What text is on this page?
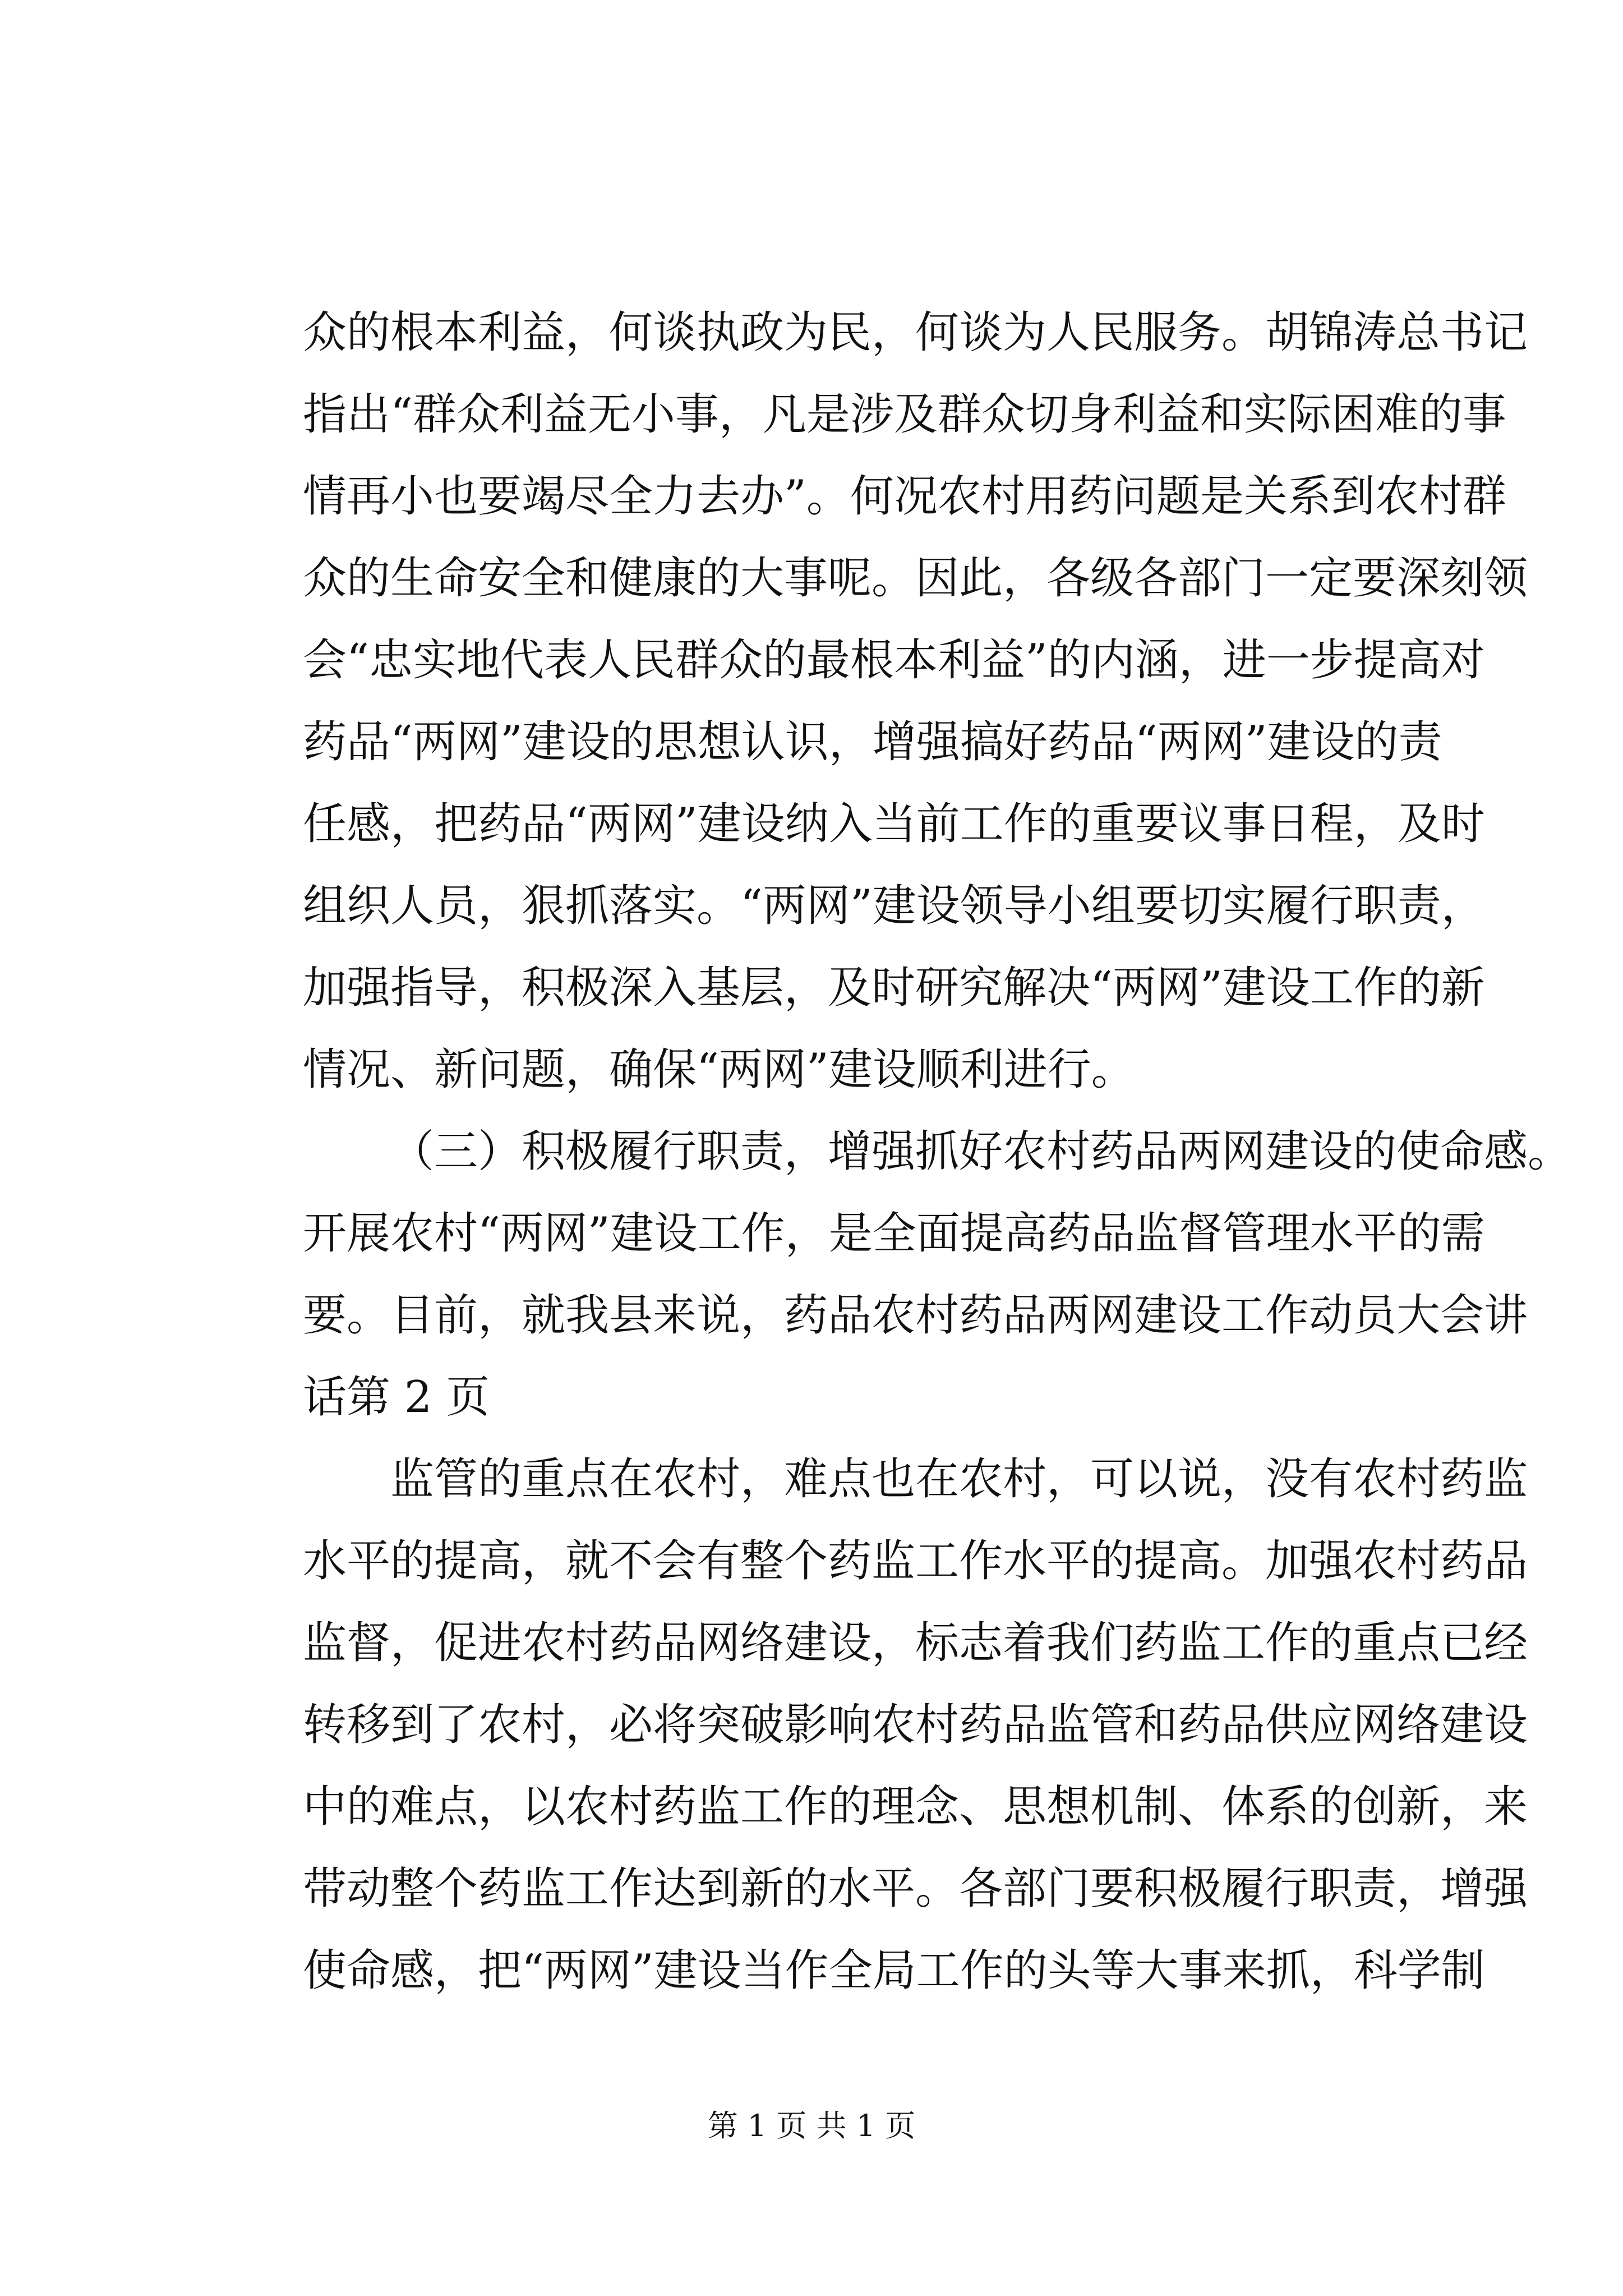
众的根本利益，何谈执政为民，何谈为人民服务。胡锦涛总书记
指出“群众利益无小事，凡是涉及群众切身利益和实际困难的事
情再小也要竭尽全力去办”。何况农村用药问题是关系到农村群
众的生命安全和健康的大事呢。因此，各级各部门一定要深刻领
会“忠实地代表人民群众的最根本利益”的内涵，进一步提高对
药品“两网”建设的思想认识，增强搞好药品“两网”建设的责
任感，把药品“两网”建设纳入当前工作的重要议事日程，及时
组织人员，狠抓落实。“两网”建设领导小组要切实履行职责，
加强指导，积极深入基层，及时研究解决“两网”建设工作的新
情况、新问题，确保“两网”建设顺利进行。
（三）积极履行职责，增强抓好农村药品两网建设的使命感。
开展农村“两网”建设工作，是全面提高药品监督管理水平的需
要。目前，就我县来说，药品农村药品两网建设工作动员大会讲
话第 2 页
监管的重点在农村，难点也在农村，可以说，没有农村药监
水平的提高，就不会有整个药监工作水平的提高。加强农村药品
监督，促进农村药品网络建设，标志着我们药监工作的重点已经
转移到了农村，必将突破影响农村药品监管和药品供应网络建设
中的难点，以农村药监工作的理念、思想机制、体系的创新，来
带动整个药监工作达到新的水平。各部门要积极履行职责，增强
使命感，把“两网”建设当作全局工作的头等大事来抓，科学制
第 1 页 共 1 页
